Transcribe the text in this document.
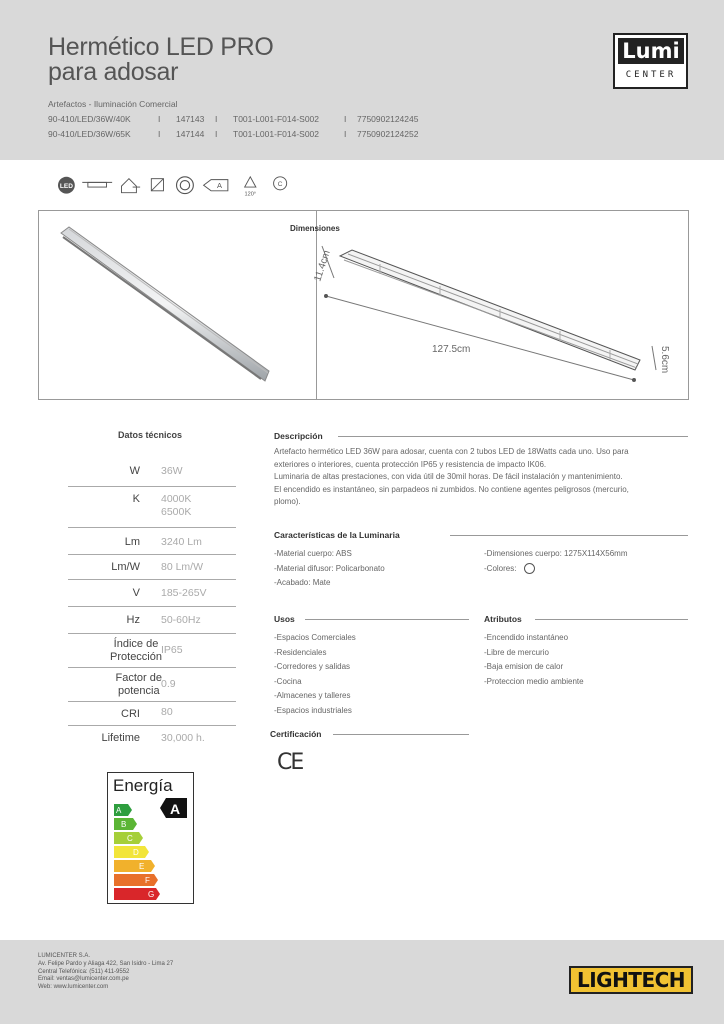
Hermético LED PRO
para adosar
Artefactos - Iluminación Comercial
90-410/LED/36W/40K	I 147143 I T001-L001-F014-S002	I 7750902124245
90-410/LED/36W/65K	I 147144 I T001-L001-F014-S002	I 7750902124252
Lumi
CENTER
LED	A
120°
C
Dimensiones
127.5cm
11.4cm
5.6cm
Datos técnicos
W 36W
K 4000K
6500K
Lm 3240 Lm
Lm/W 80 Lm/W
V 185-265V
Hz 50-60Hz
Índice de
Protección
IP65
Factor de
potencia
0.9
CRI 80
Lifetime 30,000 h.
Energía
A
B
C
D
E
F
G
A
Descripción
Artefacto hermético LED 36W para adosar, cuenta con 2 tubos LED de 18Watts cada uno. Uso para
exteriores o interiores, cuenta protección IP65 y resistencia de impacto IK06.
Luminaria de altas prestaciones, con vida útil de 30mil horas. De fácil instalación y mantenimiento.
El encendido es instantáneo, sin parpadeos ni zumbidos. No contiene agentes peligrosos (mercurio,
plomo).
Características de la Luminaria
-Material cuerpo: ABS
-Material difusor: Policarbonato
-Acabado: Mate
-Dimensiones cuerpo: 1275X114X56mm
-Colores:
Usos
-Espacios Comerciales
-Residenciales
-Corredores y salidas
-Cocina
-Almacenes y talleres
-Espacios industriales
Atributos
-Encendido instantáneo
-Libre de mercurio
-Baja emision de calor
-Proteccion medio ambiente
Certificación
CE
LUMICENTER S.A.
Av. Felipe Pardo y Aliaga 422, San Isidro - Lima 27
Central Telefónica: (511) 411-9552
Email: ventas@lumicenter.com.pe
Web: www.lumicenter.com	LIGHTECH
